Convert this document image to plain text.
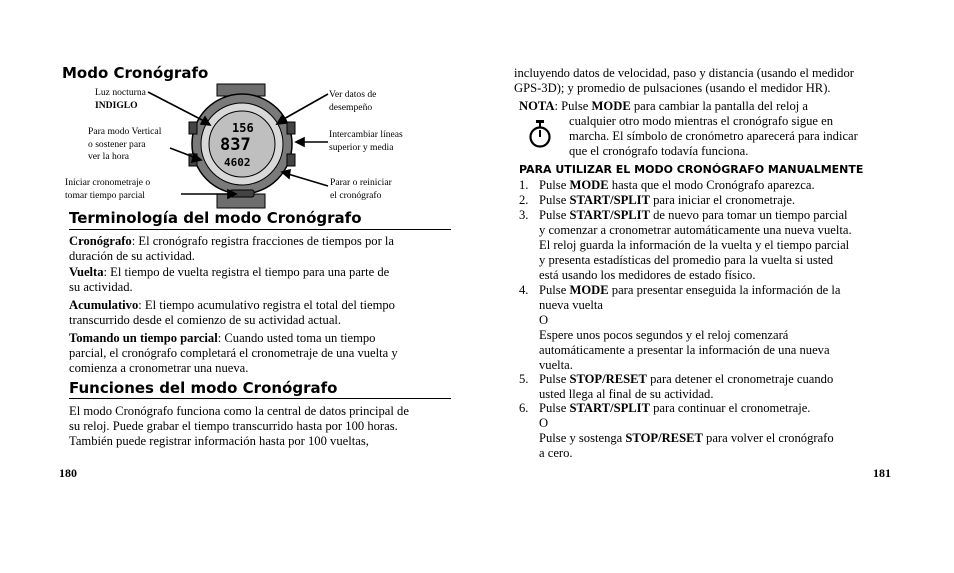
Modo Cronógrafo
156
837
4602
Luz nocturna
INDIGLO
Para modo Vertical
o sostener para
ver la hora
Iniciar cronometraje o
tomar tiempo parcial
Ver datos de
desempeño
Intercambiar líneas
superior y media
Parar o reiniciar
el cronógrafo
Terminología del modo Cronógrafo
Cronógrafo: El cronógrafo registra fracciones de tiempos por la
duración de su actividad.
Vuelta: El tiempo de vuelta registra el tiempo para una parte de
su actividad.
Acumulativo: El tiempo acumulativo registra el total del tiempo
transcurrido desde el comienzo de su actividad actual.
Tomando un tiempo parcial: Cuando usted toma un tiempo
parcial, el cronógrafo completará el cronometraje de una vuelta y
comienza a cronometrar una nueva.
Funciones del modo Cronógrafo
El modo Cronógrafo funciona como la central de datos principal de
su reloj. Puede grabar el tiempo transcurrido hasta por 100 horas.
También puede registrar información hasta por 100 vueltas,
180
incluyendo datos de velocidad, paso y distancia (usando el medidor
GPS-3D); y promedio de pulsaciones (usando el medidor HR).
NOTA: Pulse MODE para cambiar la pantalla del reloj a
cualquier otro modo mientras el cronógrafo sigue en
marcha. El símbolo de cronómetro aparecerá para indicar
que el cronógrafo todavía funciona.
PARA UTILIZAR EL MODO CRONÓGRAFO MANUALMENTE
1. Pulse MODE hasta que el modo Cronógrafo aparezca.
2. Pulse START/SPLIT para iniciar el cronometraje.
3. Pulse START/SPLIT de nuevo para tomar un tiempo parcial
y comenzar a cronometrar automáticamente una nueva vuelta.
El reloj guarda la información de la vuelta y el tiempo parcial
y presenta estadísticas del promedio para la vuelta si usted
está usando los medidores de estado físico.
4. Pulse MODE para presentar enseguida la información de la
nueva vuelta
O
Espere unos pocos segundos y el reloj comenzará
automáticamente a presentar la información de una nueva
vuelta.
5. Pulse STOP/RESET para detener el cronometraje cuando
usted llega al final de su actividad.
6. Pulse START/SPLIT para continuar el cronometraje.
O
Pulse y sostenga STOP/RESET para volver el cronógrafo
a cero.
181
